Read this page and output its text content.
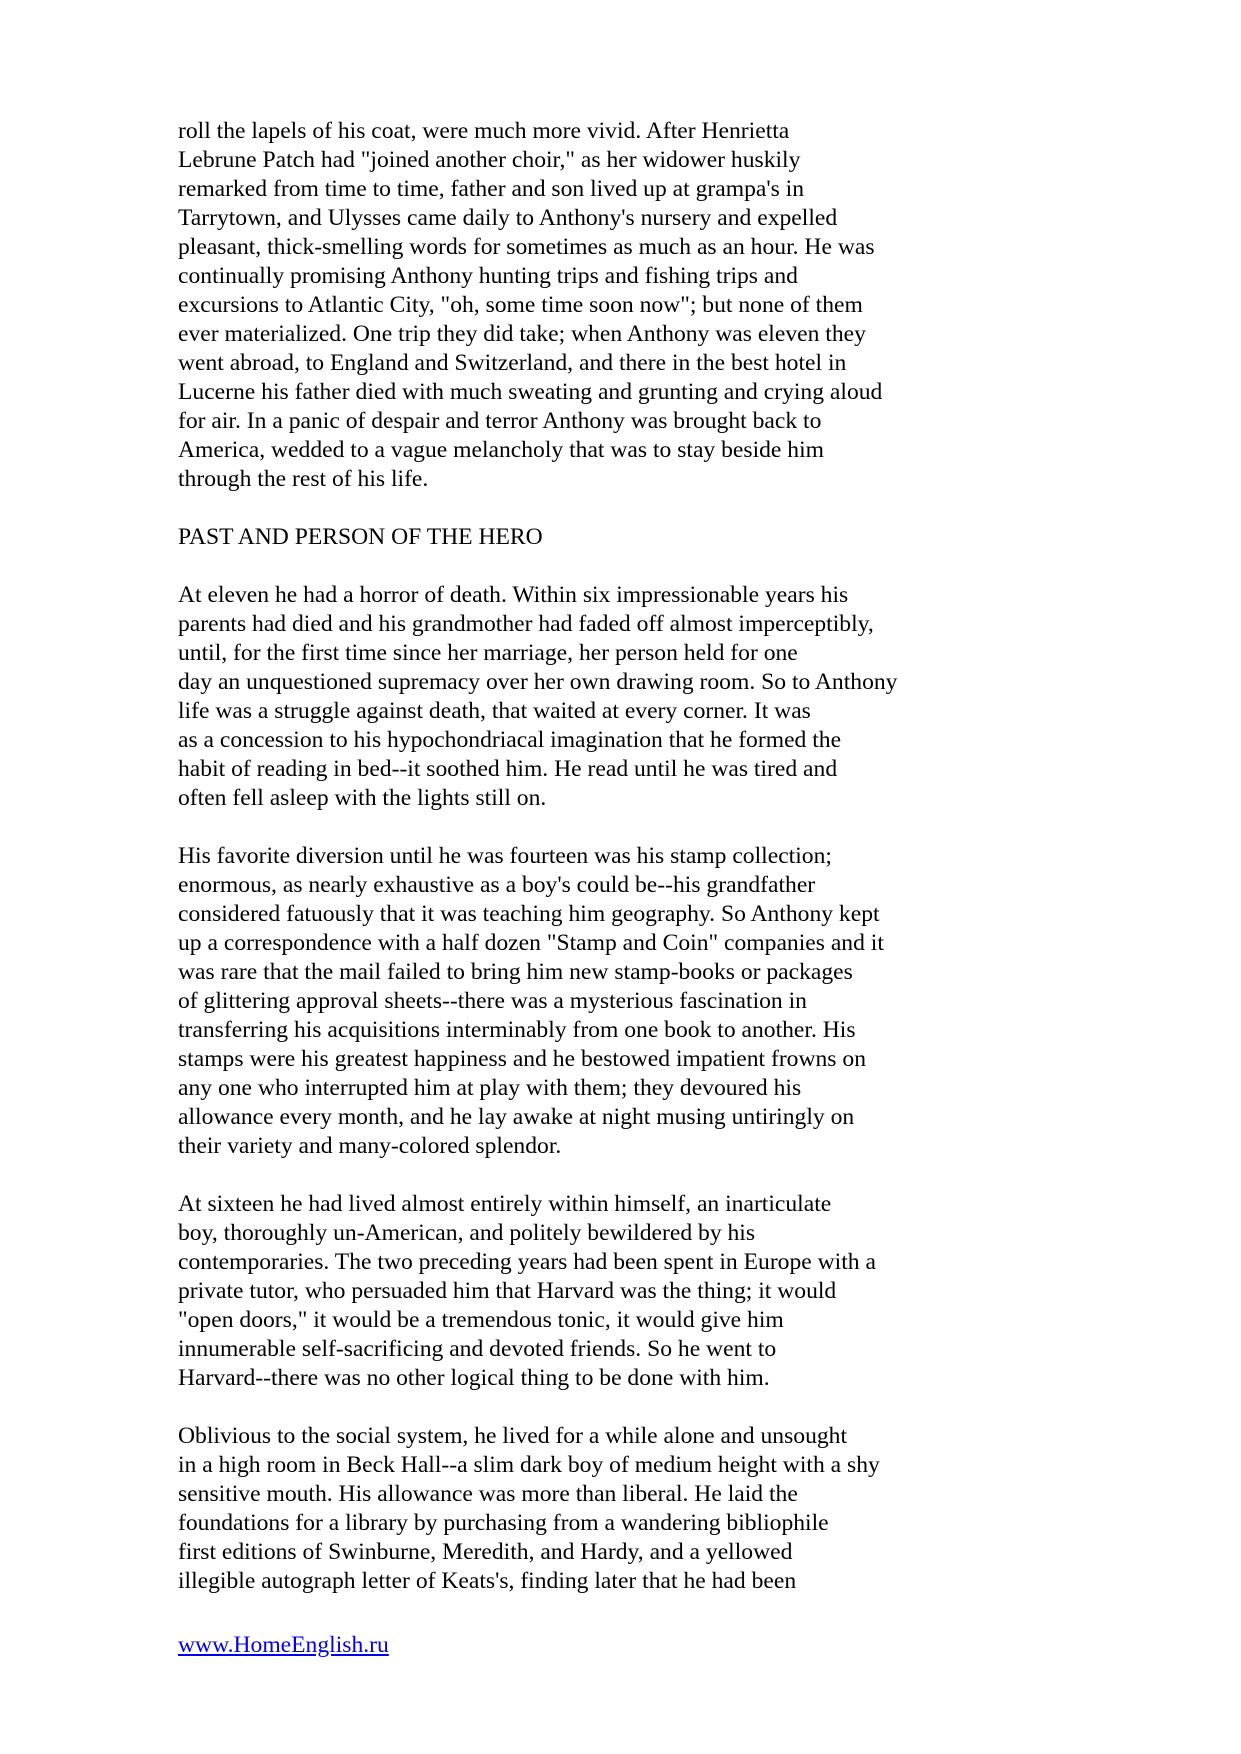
roll the lapels of his coat, were much more vivid. After Henrietta
Lebrune Patch had "joined another choir," as her widower huskily
remarked from time to time, father and son lived up at grampa's in
Tarrytown, and Ulysses came daily to Anthony's nursery and expelled
pleasant, thick-smelling words for sometimes as much as an hour. He was
continually promising Anthony hunting trips and fishing trips and
excursions to Atlantic City, "oh, some time soon now"; but none of them
ever materialized. One trip they did take; when Anthony was eleven they
went abroad, to England and Switzerland, and there in the best hotel in
Lucerne his father died with much sweating and grunting and crying aloud
for air. In a panic of despair and terror Anthony was brought back to
America, wedded to a vague melancholy that was to stay beside him
through the rest of his life.
PAST AND PERSON OF THE HERO
At eleven he had a horror of death. Within six impressionable years his
parents had died and his grandmother had faded off almost imperceptibly,
until, for the first time since her marriage, her person held for one
day an unquestioned supremacy over her own drawing room. So to Anthony
life was a struggle against death, that waited at every corner. It was
as a concession to his hypochondriacal imagination that he formed the
habit of reading in bed--it soothed him. He read until he was tired and
often fell asleep with the lights still on.
His favorite diversion until he was fourteen was his stamp collection;
enormous, as nearly exhaustive as a boy's could be--his grandfather
considered fatuously that it was teaching him geography. So Anthony kept
up a correspondence with a half dozen "Stamp and Coin" companies and it
was rare that the mail failed to bring him new stamp-books or packages
of glittering approval sheets--there was a mysterious fascination in
transferring his acquisitions interminably from one book to another. His
stamps were his greatest happiness and he bestowed impatient frowns on
any one who interrupted him at play with them; they devoured his
allowance every month, and he lay awake at night musing untiringly on
their variety and many-colored splendor.
At sixteen he had lived almost entirely within himself, an inarticulate
boy, thoroughly un-American, and politely bewildered by his
contemporaries. The two preceding years had been spent in Europe with a
private tutor, who persuaded him that Harvard was the thing; it would
"open doors," it would be a tremendous tonic, it would give him
innumerable self-sacrificing and devoted friends. So he went to
Harvard--there was no other logical thing to be done with him.
Oblivious to the social system, he lived for a while alone and unsought
in a high room in Beck Hall--a slim dark boy of medium height with a shy
sensitive mouth. His allowance was more than liberal. He laid the
foundations for a library by purchasing from a wandering bibliophile
first editions of Swinburne, Meredith, and Hardy, and a yellowed
illegible autograph letter of Keats's, finding later that he had been
www.HomeEnglish.ru
